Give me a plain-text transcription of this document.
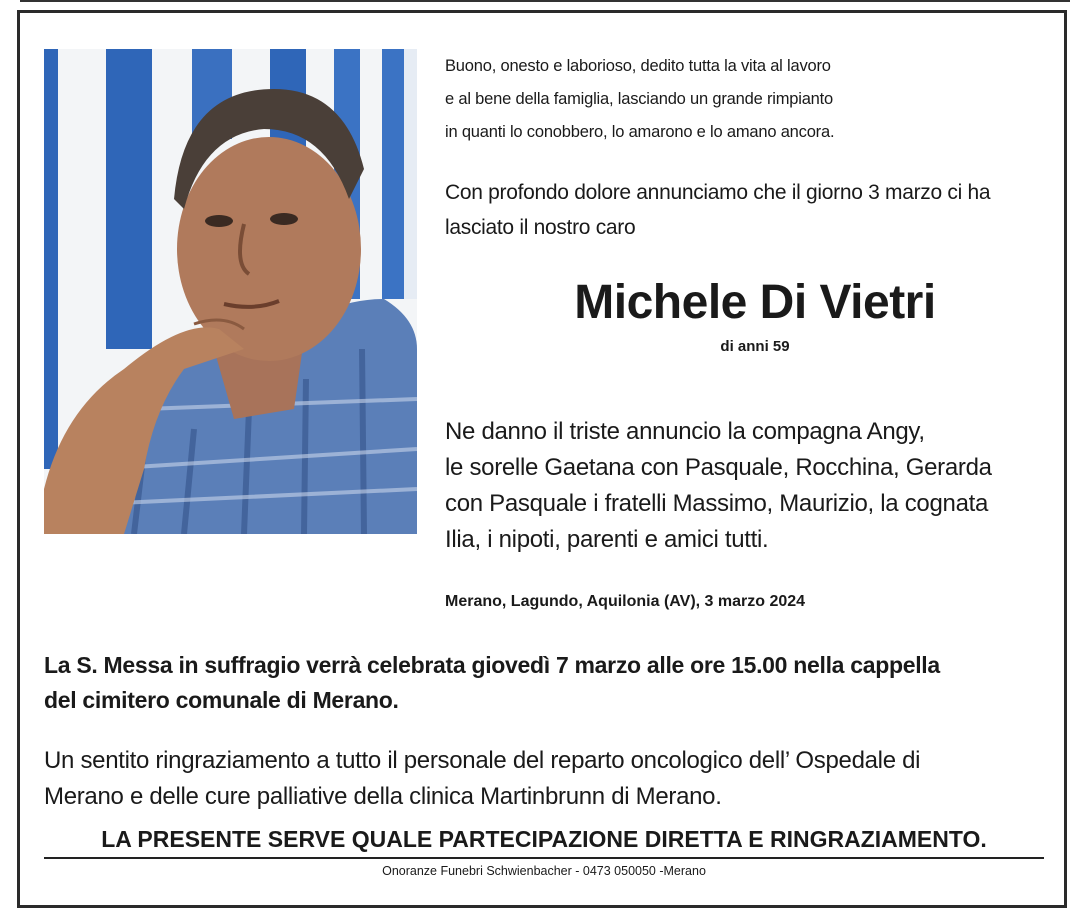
Buono, onesto e laborioso, dedito tutta la vita al lavoro
e al bene della famiglia, lasciando un grande rimpianto
in quanti lo conobbero, lo amarono e lo amano ancora.
Con profondo dolore annunciamo che il giorno 3 marzo ci ha
lasciato il nostro caro
Michele Di Vietri
di anni 59
Ne danno il triste annuncio la compagna Angy,
le sorelle Gaetana con Pasquale, Rocchina, Gerarda
con Pasquale i fratelli Massimo, Maurizio, la cognata
Ilia, i nipoti, parenti e amici tutti.
Merano, Lagundo, Aquilonia (AV), 3 marzo 2024
La S. Messa in suffragio verrà celebrata giovedì 7 marzo alle ore 15.00 nella cappella
del cimitero comunale di Merano.
Un sentito ringraziamento a tutto il personale del reparto oncologico dell’ Ospedale di
Merano e delle cure palliative della clinica Martinbrunn di Merano.
LA PRESENTE SERVE QUALE PARTECIPAZIONE DIRETTA E RINGRAZIAMENTO.
Onoranze Funebri Schwienbacher - 0473 050050 -Merano
